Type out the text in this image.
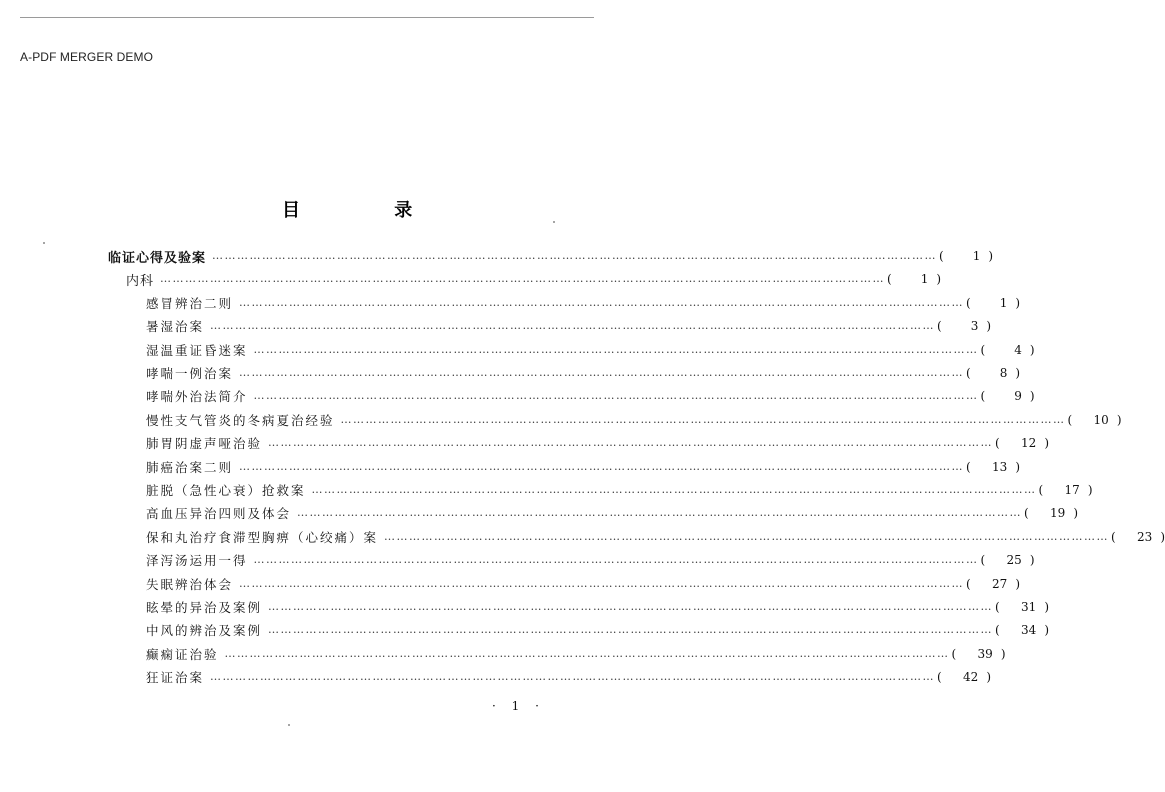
A-PDF MERGER DEMO
目 录
临证心得及验案 ………………………………………………………………………………………………………………………………………………………… (	1 )
内科 ………………………………………………………………………………………………………………………………………………………… (	1 )
感冒辨治二则 ………………………………………………………………………………………………………………………………………………………… (	1 )
暑湿治案 ………………………………………………………………………………………………………………………………………………………… (	3 )
湿温重证昏迷案 ………………………………………………………………………………………………………………………………………………………… (	4 )
哮喘一例治案 ………………………………………………………………………………………………………………………………………………………… (	8 )
哮喘外治法简介 ………………………………………………………………………………………………………………………………………………………… (	9 )
慢性支气管炎的冬病夏治经验 ………………………………………………………………………………………………………………………………………………………… (	10 )
肺胃阴虚声哑治验 ………………………………………………………………………………………………………………………………………………………… (	12 )
肺癌治案二则 ………………………………………………………………………………………………………………………………………………………… (	13 )
脏脱（急性心衰）抢救案 ………………………………………………………………………………………………………………………………………………………… (	17 )
高血压异治四则及体会 ………………………………………………………………………………………………………………………………………………………… (	19 )
保和丸治疗食滞型胸痹（心绞痛）案 ………………………………………………………………………………………………………………………………………………………… (	23 )
泽泻汤运用一得 ………………………………………………………………………………………………………………………………………………………… (	25 )
失眠辨治体会 ………………………………………………………………………………………………………………………………………………………… (	27 )
眩晕的异治及案例 ………………………………………………………………………………………………………………………………………………………… (	31 )
中风的辨治及案例 ………………………………………………………………………………………………………………………………………………………… (	34 )
癫痫证治验 ………………………………………………………………………………………………………………………………………………………… (	39 )
狂证治案 ………………………………………………………………………………………………………………………………………………………… (	42 )
· 1 ·
